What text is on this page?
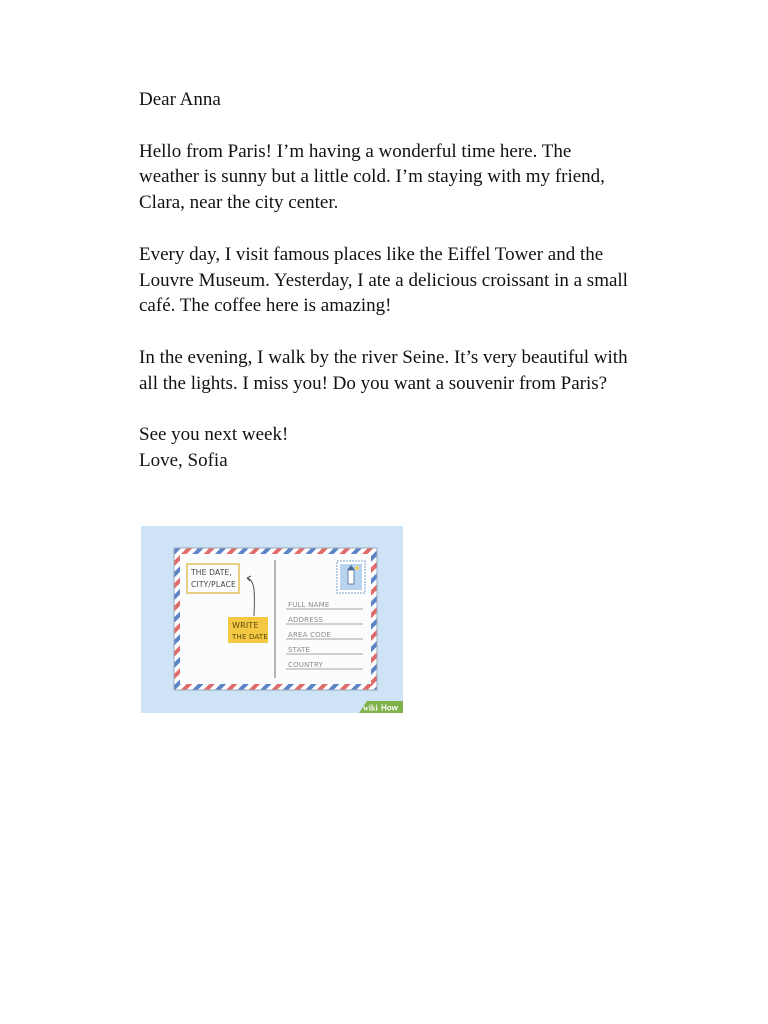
Dear Anna

Hello from Paris! I’m having a wonderful time here. The
weather is sunny but a little cold. I’m staying with my friend,
Clara, near the city center.

Every day, I visit famous places like the Eiffel Tower and the
Louvre Museum. Yesterday, I ate a delicious croissant in a small
café. The coffee here is amazing!

In the evening, I walk by the river Seine. It’s very beautiful with
all the lights. I miss you! Do you want a souvenir from Paris?

See you next week!
Love, Sofia

THE DATE,
CITY/PLACE
WRITE
THE DATE
FULL NAME
ADDRESS
AREA CODE
STATE
COUNTRY
wiki How
